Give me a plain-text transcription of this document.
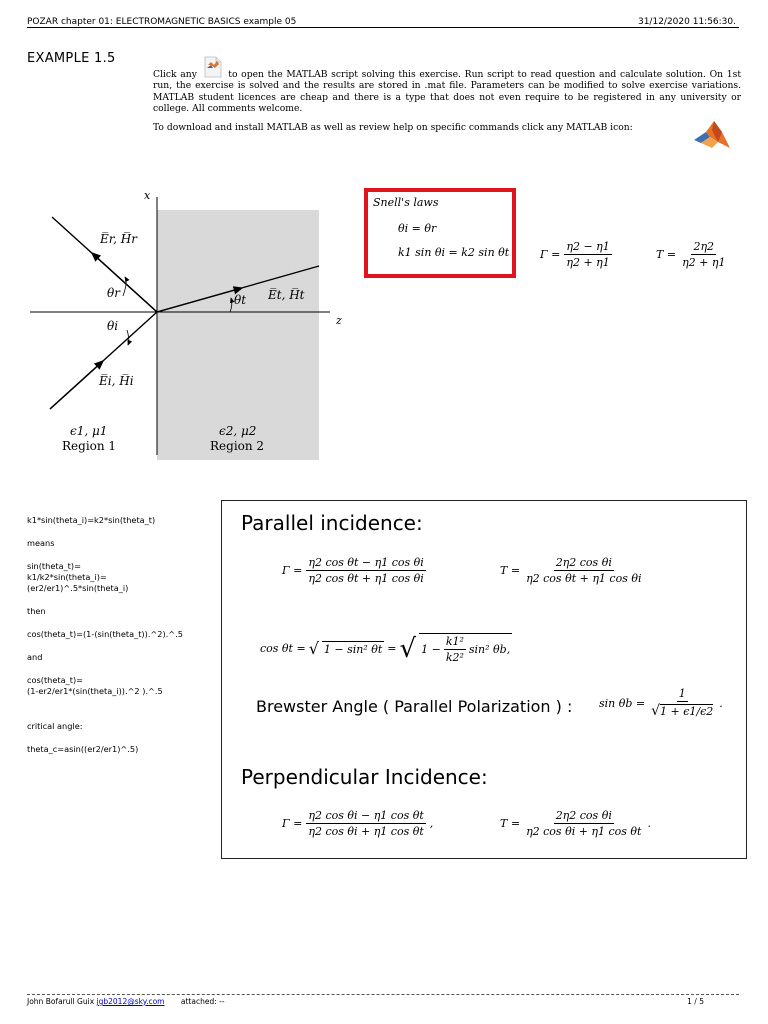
POZAR chapter 01: ELECTROMAGNETIC BASICS example 05	31/12/2020 11:56:30.
EXAMPLE 1.5
Click any	to open the MATLAB script solving this exercise. Run script to read question and calculate solution. On 1st run, the exercise is solved and the results are stored in .mat file. Parameters can be modified to solve exercise variations. MATLAB student licences are cheap and there is a type that does not even require to be registered in any university or college. All comments welcome.
To download and install MATLAB as well as review help on specific commands click any MATLAB icon:
x
z
E̅r, H̅r
E̅t, H̅t
E̅i, H̅i
θr
θi
θt
ϵ1, μ1
Region 1
ϵ2, μ2
Region 2
Snell's laws
θi = θr
k1 sin θi = k2 sin θt	$\Gamma = \frac{\eta 2 - \eta 1}{\eta 2 + \eta 1}$	$T = \frac{2\eta 2}{\eta 2 + \eta 1}$
k1*sin(theta_i)=k2*sin(theta_t)
means
sin(theta_t)=
k1/k2*sin(theta_i)=
(er2/er1)^.5*sin(theta_i)
then
cos(theta_t)=(1-(sin(theta_t)).^2).^.5
and
cos(theta_t)=
(1-er2/er1*(sin(theta_i)).^2 ).^.5
critical angle:
theta_c=asin((er2/er1)^.5)
Parallel incidence:
$\Gamma = \frac{\text{η2 cos θt − η1 cos θi}}{\text{η2 cos θt + η1 cos θi}}$	$T = \frac{\text{2η2 cos θi}}{\text{η2 cos θt + η1 cos θi}}$
cos θt = √ 1 − sin² θt = √ $1 - \frac{\text{k1²}}{\text{k2²}} \sin^2$ θb,
Brewster Angle ( Parallel Polarization ) : $\sin \theta b = \frac{1}{√ 1 + \epsilon 1/\epsilon 2}$ .
Perpendicular Incidence:
$\Gamma = \frac{\text{η2 cos θi − η1 cos θt}}{\text{η2 cos θi + η1 cos θt}}$ ,	$T = \frac{\text{2η2 cos θi}}{\text{η2 cos θi + η1 cos θt}}$ .
John Bofarull Guix jgb2012@sky.com attached: --	1 / 5
